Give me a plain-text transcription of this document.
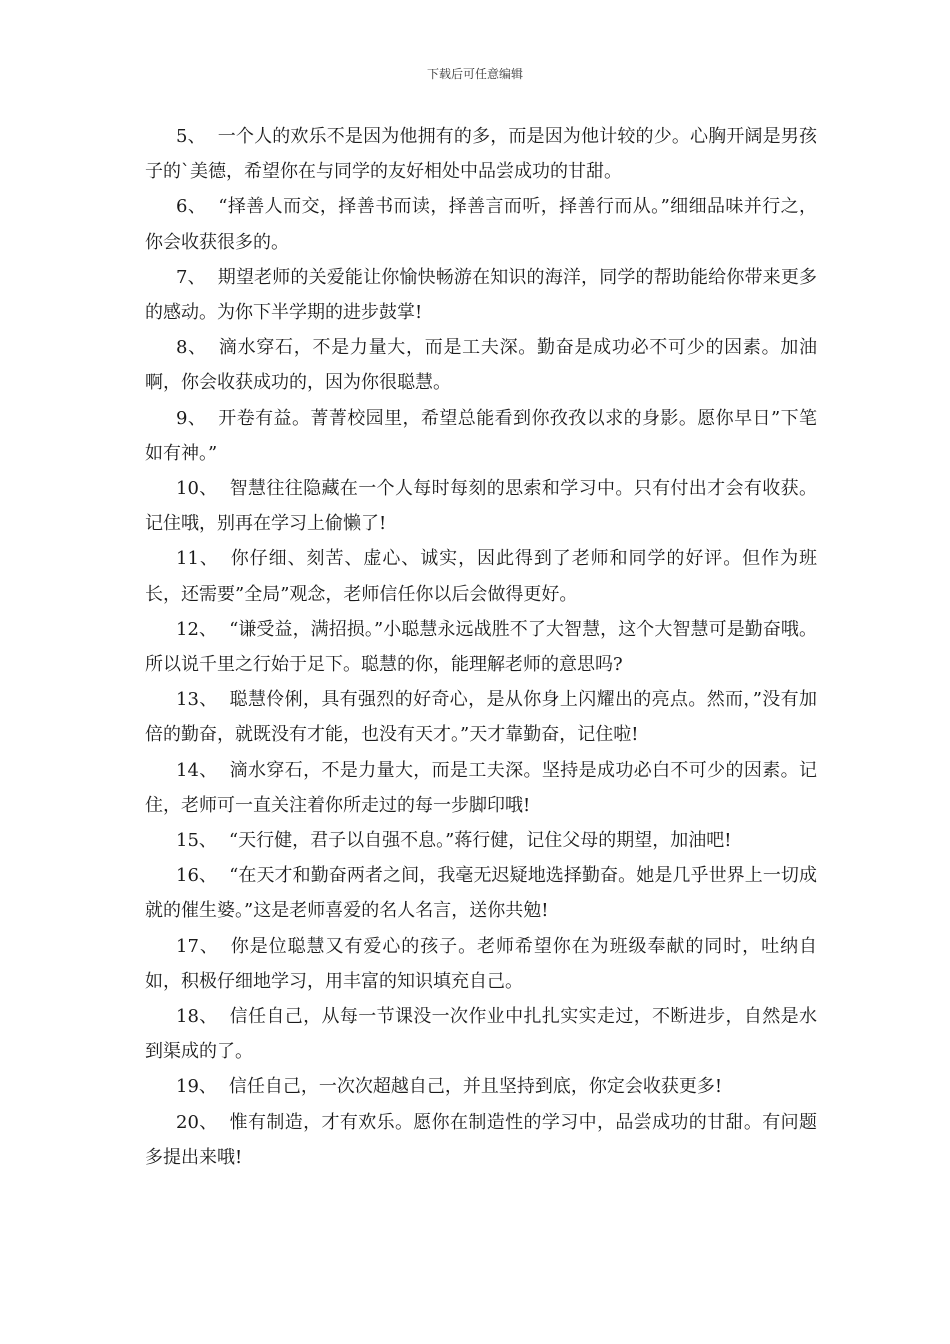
下载后可任意编辑

5、 一个人的欢乐不是因为他拥有的多，而是因为他计较的少。心胸开阔是男孩子的`美德，希望你在与同学的友好相处中品尝成功的甘甜。

6、 “择善人而交，择善书而读，择善言而听，择善行而从。”细细品味并行之，你会收获很多的。

7、 期望老师的关爱能让你愉快畅游在知识的海洋，同学的帮助能给你带来更多的感动。为你下半学期的进步鼓掌!

8、 滴水穿石，不是力量大，而是工夫深。勤奋是成功必不可少的因素。加油啊，你会收获成功的，因为你很聪慧。

9、 开卷有益。菁菁校园里，希望总能看到你孜孜以求的身影。愿你早日”下笔如有神。”

10、 智慧往往隐藏在一个人每时每刻的思索和学习中。只有付出才会有收获。记住哦，别再在学习上偷懒了!

11、 你仔细、刻苦、虚心、诚实，因此得到了老师和同学的好评。但作为班长，还需要”全局”观念，老师信任你以后会做得更好。

12、 “谦受益，满招损。”小聪慧永远战胜不了大智慧，这个大智慧可是勤奋哦。所以说千里之行始于足下。聪慧的你，能理解老师的意思吗?

13、 聪慧伶俐，具有强烈的好奇心，是从你身上闪耀出的亮点。然而，”没有加倍的勤奋，就既没有才能，也没有天才。”天才靠勤奋，记住啦!

14、 滴水穿石，不是力量大，而是工夫深。坚持是成功必白不可少的因素。记住，老师可一直关注着你所走过的每一步脚印哦!

15、 “天行健，君子以自强不息。”蒋行健，记住父母的期望，加油吧!

16、 “在天才和勤奋两者之间，我毫无迟疑地选择勤奋。她是几乎世界上一切成就的催生婆。”这是老师喜爱的名人名言，送你共勉!

17、 你是位聪慧又有爱心的孩子。老师希望你在为班级奉献的同时，吐纳自如，积极仔细地学习，用丰富的知识填充自己。

18、 信任自己，从每一节课没一次作业中扎扎实实走过，不断进步，自然是水到渠成的了。

19、 信任自己，一次次超越自己，并且坚持到底，你定会收获更多!

20、 惟有制造，才有欢乐。愿你在制造性的学习中，品尝成功的甘甜。有问题多提出来哦!
